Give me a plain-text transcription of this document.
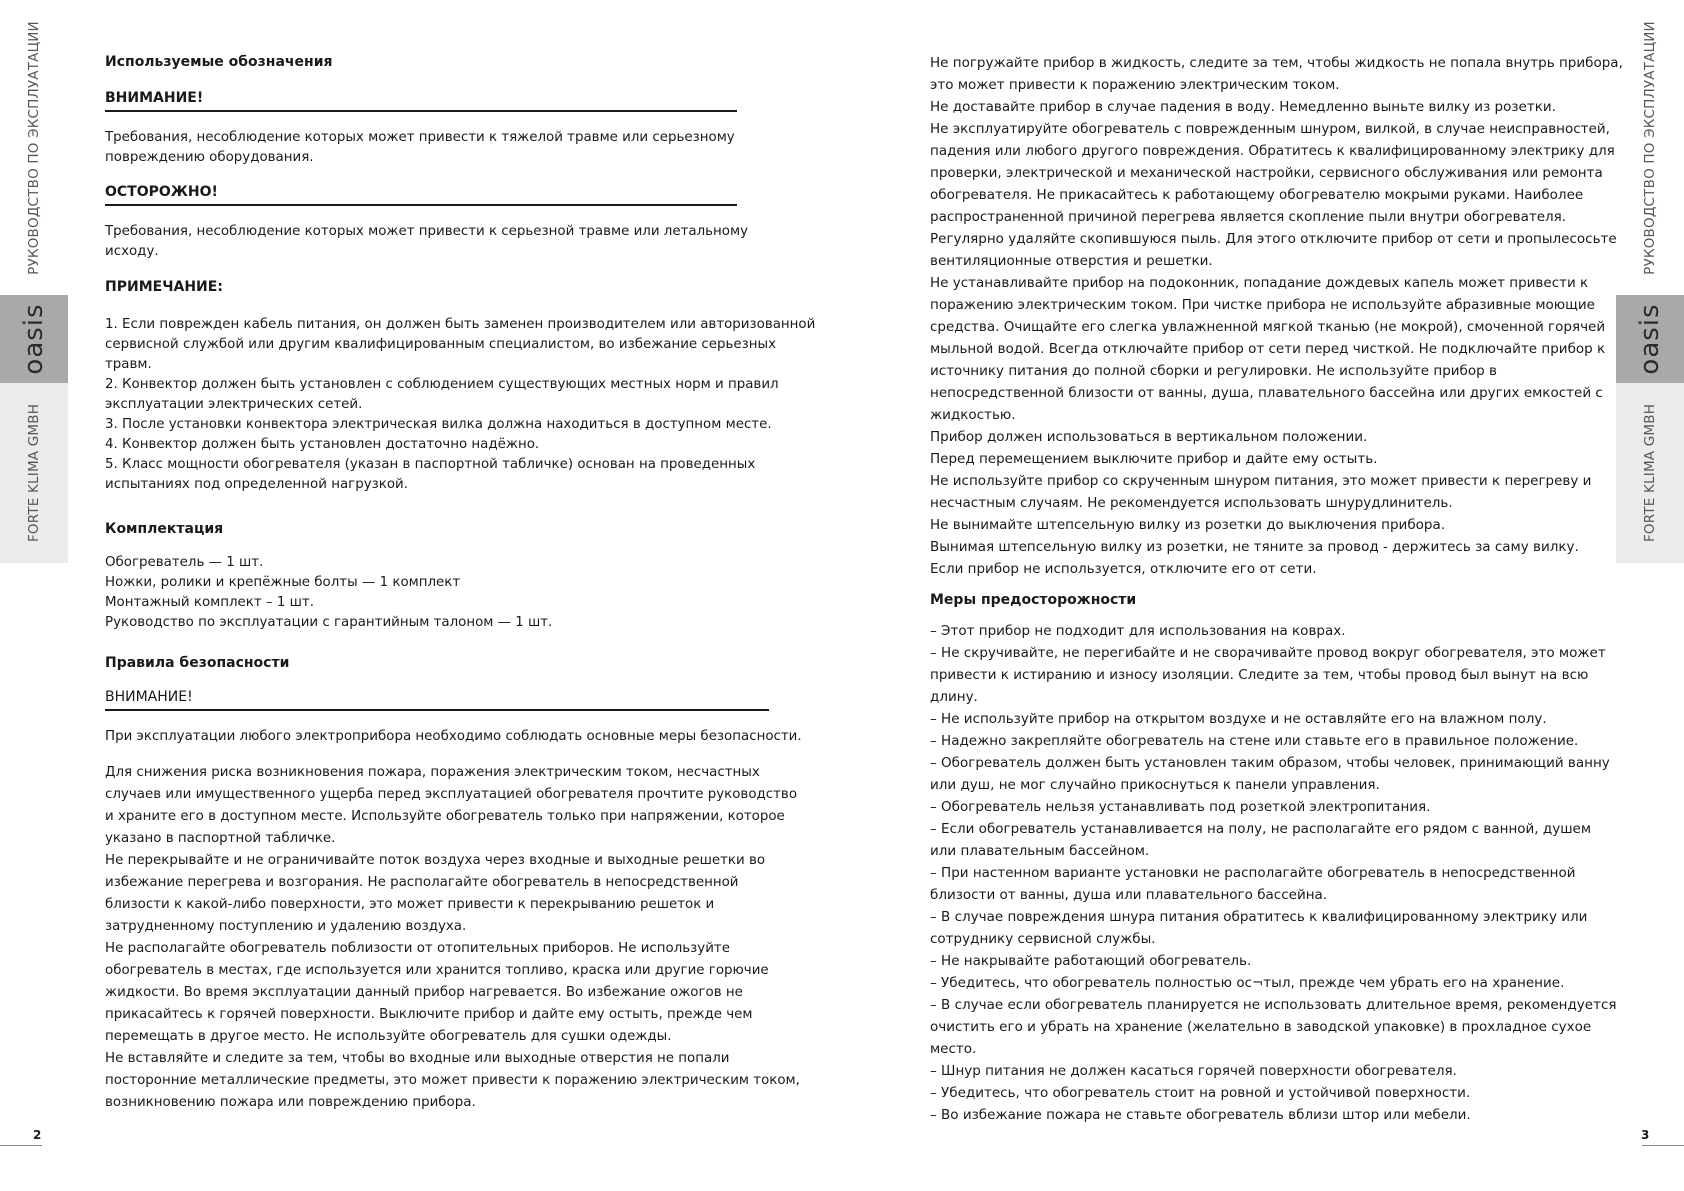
РУКОВОДСТВО ПО ЭКСПЛУАТАЦИИ
oasis
FORTE KLIMA GMBH
РУКОВОДСТВО ПО ЭКСПЛУАТАЦИИ
oasis
FORTE KLIMA GMBH
Используемые обозначения
ВНИМАНИЕ!
Требования, несоблюдение которых может привести к тяжелой травме или серьезному
повреждению оборудования.
ОСТОРОЖНО!
Требования, несоблюдение которых может привести к серьезной травме или летальному
исходу.
ПРИМЕЧАНИЕ:
1. Если поврежден кабель питания, он должен быть заменен производителем или авторизованной
сервисной службой или другим квалифицированным специалистом, во избежание серьезных
травм.
2. Конвектор должен быть установлен с соблюдением существующих местных норм и правил
эксплуатации электрических сетей.
3. После установки конвектора электрическая вилка должна находиться в доступном месте.
4. Конвектор должен быть установлен достаточно надёжно.
5. Класс мощности обогревателя (указан в паспортной табличке) основан на проведенных
испытаниях под определенной нагрузкой.
Комплектация
Обогреватель — 1 шт.
Ножки, ролики и крепёжные болты — 1 комплект
Монтажный комплект – 1 шт.
Руководство по эксплуатации с гарантийным талоном — 1 шт.
Правила безопасности
ВНИМАНИЕ!
При эксплуатации любого электроприбора необходимо соблюдать основные меры безопасности.
Для снижения риска возникновения пожара, поражения электрическим током, несчастных
случаев или имущественного ущерба перед эксплуатацией обогревателя прочтите руководство
и храните его в доступном месте. Используйте обогреватель только при напряжении, которое
указано в паспортной табличке.
Не перекрывайте и не ограничивайте поток воздуха через входные и выходные решетки во
избежание перегрева и возгорания. Не располагайте обогреватель в непосредственной
близости к какой-либо поверхности, это может привести к перекрыванию решеток и
затрудненному поступлению и удалению воздуха.
Не располагайте обогреватель поблизости от отопительных приборов. Не используйте
обогреватель в местах, где используется или хранится топливо, краска или другие горючие
жидкости. Во время эксплуатации данный прибор нагревается. Во избежание ожогов не
прикасайтесь к горячей поверхности. Выключите прибор и дайте ему остыть, прежде чем
перемещать в другое место. Не используйте обогреватель для сушки одежды.
Не вставляйте и следите за тем, чтобы во входные или выходные отверстия не попали
посторонние металлические предметы, это может привести к поражению электрическим током,
возникновению пожара или повреждению прибора.
2
Не погружайте прибор в жидкость, следите за тем, чтобы жидкость не попала внутрь прибора,
это может привести к поражению электрическим током.
Не доставайте прибор в случае падения в воду. Немедленно выньте вилку из розетки.
Не эксплуатируйте обогреватель с поврежденным шнуром, вилкой, в случае неисправностей,
падения или любого другого повреждения. Обратитесь к квалифицированному электрику для
проверки, электрической и механической настройки, сервисного обслуживания или ремонта
обогревателя. Не прикасайтесь к работающему обогревателю мокрыми руками. Наиболее
распространенной причиной перегрева является скопление пыли внутри обогревателя.
Регулярно удаляйте скопившуюся пыль. Для этого отключите прибор от сети и пропылесосьте
вентиляционные отверстия и решетки.
Не устанавливайте прибор на подоконник, попадание дождевых капель может привести к
поражению электрическим током. При чистке прибора не используйте абразивные моющие
средства. Очищайте его слегка увлажненной мягкой тканью (не мокрой), смоченной горячей
мыльной водой. Всегда отключайте прибор от сети перед чисткой. Не подключайте прибор к
источнику питания до полной сборки и регулировки. Не используйте прибор в
непосредственной близости от ванны, душа, плавательного бассейна или других емкостей с
жидкостью.
Прибор должен использоваться в вертикальном положении.
Перед перемещением выключите прибор и дайте ему остыть.
Не используйте прибор со скрученным шнуром питания, это может привести к перегреву и
несчастным случаям. Не рекомендуется использовать шнурудлинитель.
Не вынимайте штепсельную вилку из розетки до выключения прибора.
Вынимая штепсельную вилку из розетки, не тяните за провод - держитесь за саму вилку.
Если прибор не используется, отключите его от сети.
Меры предосторожности
– Этот прибор не подходит для использования на коврах.
– Не скручивайте, не перегибайте и не сворачивайте провод вокруг обогревателя, это может
привести к истиранию и износу изоляции. Следите за тем, чтобы провод был вынут на всю
длину.
– Не используйте прибор на открытом воздухе и не оставляйте его на влажном полу.
– Надежно закрепляйте обогреватель на стене или ставьте его в правильное положение.
– Обогреватель должен быть установлен таким образом, чтобы человек, принимающий ванну
или душ, не мог случайно прикоснуться к панели управления.
– Обогреватель нельзя устанавливать под розеткой электропитания.
– Если обогреватель устанавливается на полу, не располагайте его рядом с ванной, душем
или плавательным бассейном.
– При настенном варианте установки не располагайте обогреватель в непосредственной
близости от ванны, душа или плавательного бассейна.
– В случае повреждения шнура питания обратитесь к квалифицированному электрику или
сотруднику сервисной службы.
– Не накрывайте работающий обогреватель.
– Убедитесь, что обогреватель полностью ос¬тыл, прежде чем убрать его на хранение.
– В случае если обогреватель планируется не использовать длительное время, рекомендуется
очистить его и убрать на хранение (желательно в заводской упаковке) в прохладное сухое
место.
– Шнур питания не должен касаться горячей поверхности обогревателя.
– Убедитесь, что обогреватель стоит на ровной и устойчивой поверхности.
– Во избежание пожара не ставьте обогреватель вблизи штор или мебели.
3
